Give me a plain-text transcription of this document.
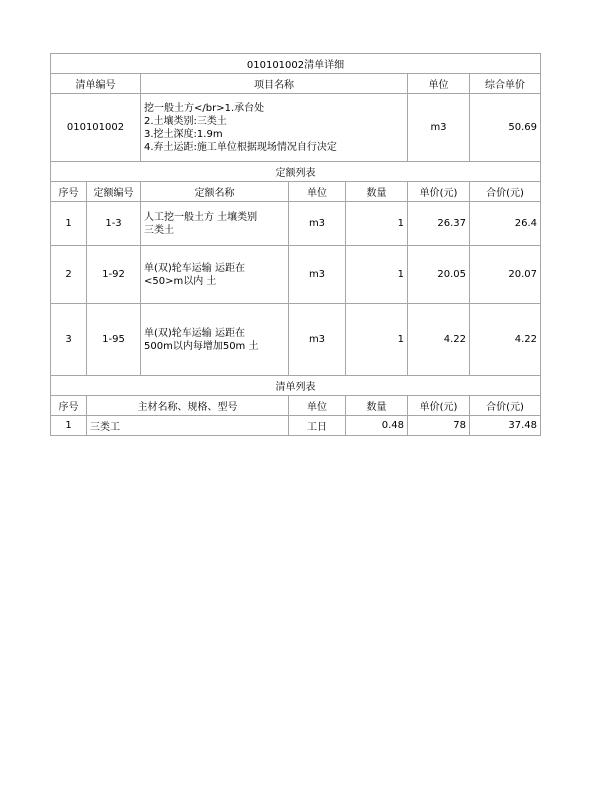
010101002清单详细						
清单编号		项目名称			单位	综合单价
010101002		挖一般土方</br>1.承台处
2.土壤类别:三类土
3.挖土深度:1.9m
4.弃土运距:施工单位根据现场情况自行决定			m3	50.69
定额列表						
序号	定额编号	定额名称	单位	数量	单价(元)	合价(元)
1	1-3	人工挖一般土方 土壤类别
三类土	m3	1	26.37	26.4
2	1-92	单(双)轮车运输 运距在
<50>m以内 土	m3	1	20.05	20.07
3	1-95	单(双)轮车运输 运距在
500m以内每增加50m 土	m3	1	4.22	4.22
清单列表						
序号	主材名称、规格、型号		单位	数量	单价(元)	合价(元)
1	三类工		工日	0.48	78	37.48
